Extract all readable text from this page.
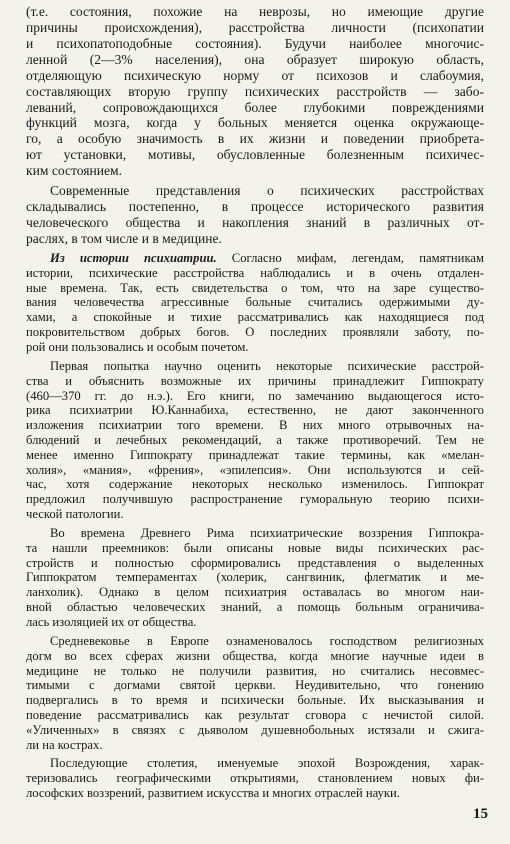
(т.е. состояния, похожие на неврозы, но имеющие другие
причины происхождения), расстройства личности (психопатии
и психопатоподобные состояния). Будучи наиболее многочис-
ленной (2—3% населения), она образует широкую область,
отделяющую психическую норму от психозов и слабоумия,
составляющих вторую группу психических расстройств — забо-
леваний, сопровождающихся более глубокими повреждениями
функций мозга, когда у больных меняется оценка окружающе-
го, а особую значимость в их жизни и поведении приобрета-
ют установки, мотивы, обусловленные болезненным психичес-
ким состоянием.
Современные представления о психических расстройствах
складывались постепенно, в процессе исторического развития
человеческого общества и накопления знаний в различных от-
раслях, в том числе и в медицине.
Из истории психиатрии. Согласно мифам, легендам, памятникам
истории, психические расстройства наблюдались и в очень отдален-
ные времена. Так, есть свидетельства о том, что на заре существо-
вания человечества агрессивные больные считались одержимыми ду-
хами, а спокойные и тихие рассматривались как находящиеся под
покровительством добрых богов. О последних проявляли заботу, по-
рой они пользовались и особым почетом.
Первая попытка научно оценить некоторые психические расстрой-
ства и объяснить возможные их причины принадлежит Гиппократу
(460—370 гг. до н.э.). Его книги, по замечанию выдающегося исто-
рика психиатрии Ю.Каннабиха, естественно, не дают законченного
изложения психиатрии того времени. В них много отрывочных на-
блюдений и лечебных рекомендаций, а также противоречий. Тем не
менее именно Гиппократу принадлежат такие термины, как «мелан-
холия», «мания», «френия», «эпилепсия». Они используются и сей-
час, хотя содержание некоторых несколько изменилось. Гиппократ
предложил получившую распространение гуморальную теорию психи-
ческой патологии.
Во времена Древнего Рима психиатрические воззрения Гиппокра-
та нашли преемников: были описаны новые виды психических рас-
стройств и полностью сформировались представления о выделенных
Гиппократом темпераментах (холерик, сангвиник, флегматик и ме-
ланхолик). Однако в целом психиатрия оставалась во многом наи-
вной областью человеческих знаний, а помощь больным ограничива-
лась изоляцией их от общества.
Средневековье в Европе ознаменовалось господством религиозных
догм во всех сферах жизни общества, когда многие научные идеи в
медицине не только не получили развития, но считались несовмес-
тимыми с догмами святой церкви. Неудивительно, что гонению
подвергались в то время и психически больные. Их высказывания и
поведение рассматривались как результат сговора с нечистой силой.
«Уличенных» в связях с дьяволом душевнобольных истязали и сжига-
ли на кострах.
Последующие столетия, именуемые эпохой Возрождения, харак-
теризовались географическими открытиями, становлением новых фи-
лософских воззрений, развитием искусства и многих отраслей науки.
15
